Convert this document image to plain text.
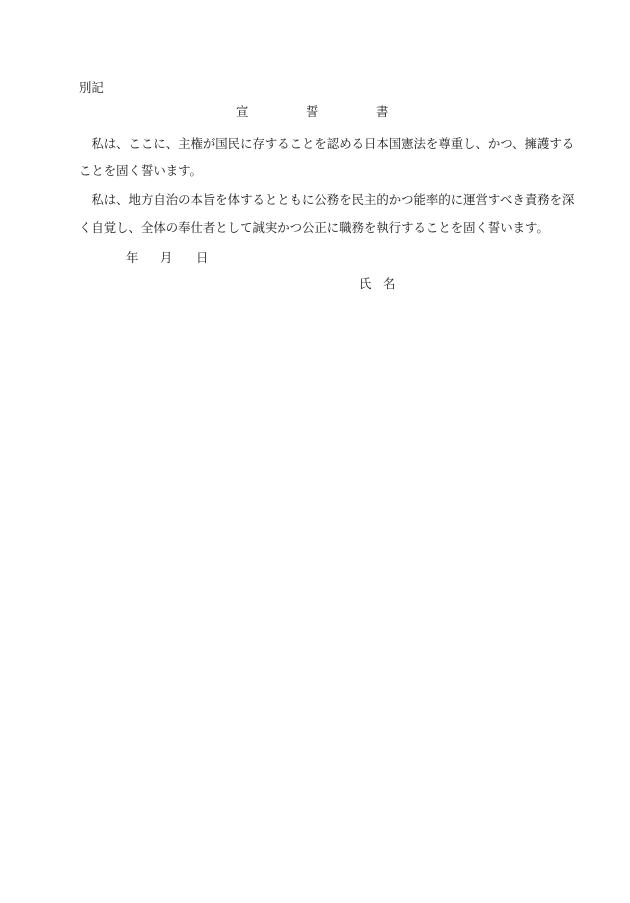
別記

宣	誓	書

私は、ここに、主権が国民に存することを認める日本国憲法を尊重し、かつ、擁護する

ことを固く誓います。

私は、地方自治の本旨を体するとともに公務を民主的かつ能率的に運営すべき責務を深

く自覚し、全体の奉仕者として誠実かつ公正に職務を執行することを固く誓います。

年 月 日
氏 名
